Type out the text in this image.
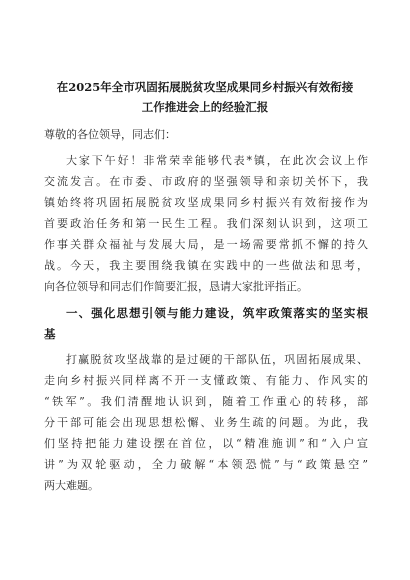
在2025年全市巩固拓展脱贫攻坚成果同乡村振兴有效衔接
工作推进会上的经验汇报
尊敬的各位领导，同志们：
大家下午好！非常荣幸能够代表*镇，在此次会议上作
交流发言。在市委、市政府的坚强领导和亲切关怀下，我
镇始终将巩固拓展脱贫攻坚成果同乡村振兴有效衔接作为
首要政治任务和第一民生工程。我们深刻认识到，这项工
作事关群众福祉与发展大局，是一场需要常抓不懈的持久
战。今天，我主要围绕我镇在实践中的一些做法和思考，
向各位领导和同志们作简要汇报，恳请大家批评指正。
一、强化思想引领与能力建设，筑牢政策落实的坚实根
基
打赢脱贫攻坚战靠的是过硬的干部队伍，巩固拓展成果、
走向乡村振兴同样离不开一支懂政策、有能力、作风实的
“铁军”。我们清醒地认识到，随着工作重心的转移，部
分干部可能会出现思想松懈、业务生疏的问题。为此，我
们坚持把能力建设摆在首位，以“精准施训”和“入户宣
讲”为双轮驱动，全力破解“本领恐慌”与“政策悬空”
两大难题。
